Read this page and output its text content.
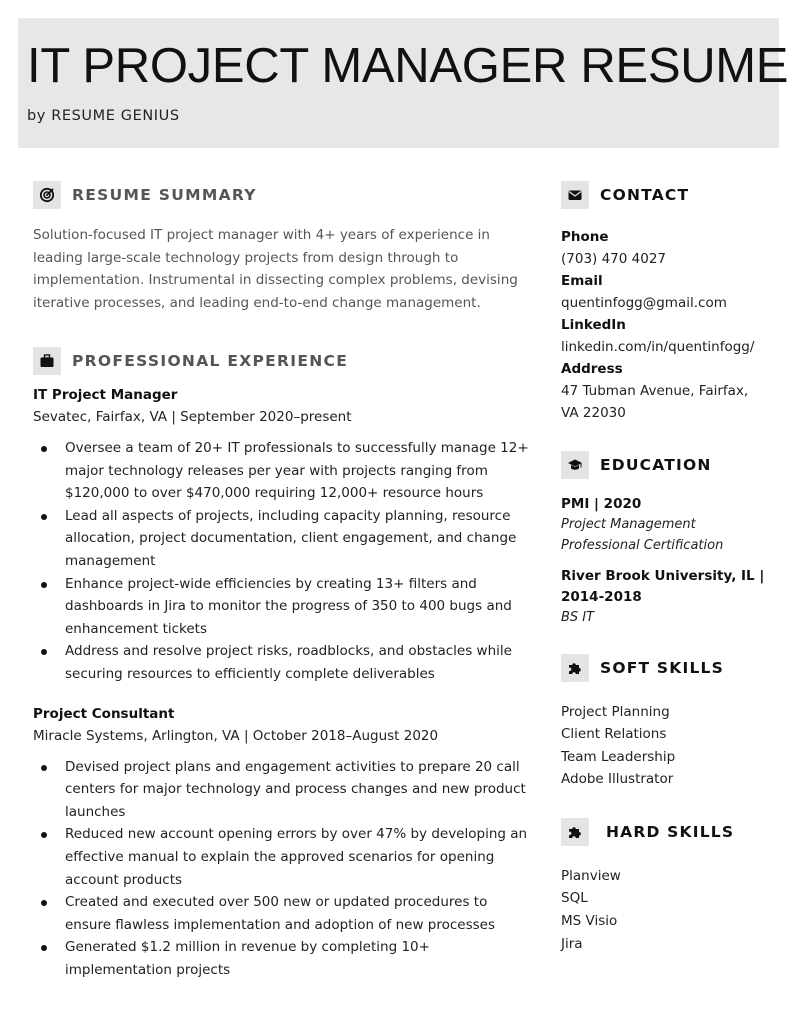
IT PROJECT MANAGER RESUME
by RESUME GENIUS
RESUME SUMMARY

Solution-focused IT project manager with 4+ years of experience in leading large-scale technology projects from design through to implementation. Instrumental in dissecting complex problems, devising iterative processes, and leading end-to-end change management.

PROFESSIONAL EXPERIENCE
IT Project Manager
Sevatec, Fairfax, VA | September 2020–present
Oversee a team of 20+ IT professionals to successfully manage 12+ major technology releases per year with projects ranging from $120,000 to over $470,000 requiring 12,000+ resource hours
Lead all aspects of projects, including capacity planning, resource allocation, project documentation, client engagement, and change management
Enhance project-wide efficiencies by creating 13+ filters and dashboards in Jira to monitor the progress of 350 to 400 bugs and enhancement tickets
Address and resolve project risks, roadblocks, and obstacles while securing resources to efficiently complete deliverables
Project Consultant
Miracle Systems, Arlington, VA | October 2018–August 2020
Devised project plans and engagement activities to prepare 20 call centers for major technology and process changes and new product launches
Reduced new account opening errors by over 47% by developing an effective manual to explain the approved scenarios for opening account products
Created and executed over 500 new or updated procedures to ensure flawless implementation and adoption of new processes
Generated $1.2 million in revenue by completing 10+ implementation projects
CONTACT
Phone
(703) 470 4027
Email
quentinfogg@gmail.com
LinkedIn
linkedin.com/in/quentinfogg/
Address
47 Tubman Avenue, Fairfax,
VA 22030
EDUCATION
PMI | 2020
Project Management
Professional Certification
River Brook University, IL | 2014-2018
BS IT
SOFT SKILLS
Project Planning
Client Relations
Team Leadership
Adobe Illustrator
HARD SKILLS
Planview
SQL
MS Visio
Jira
